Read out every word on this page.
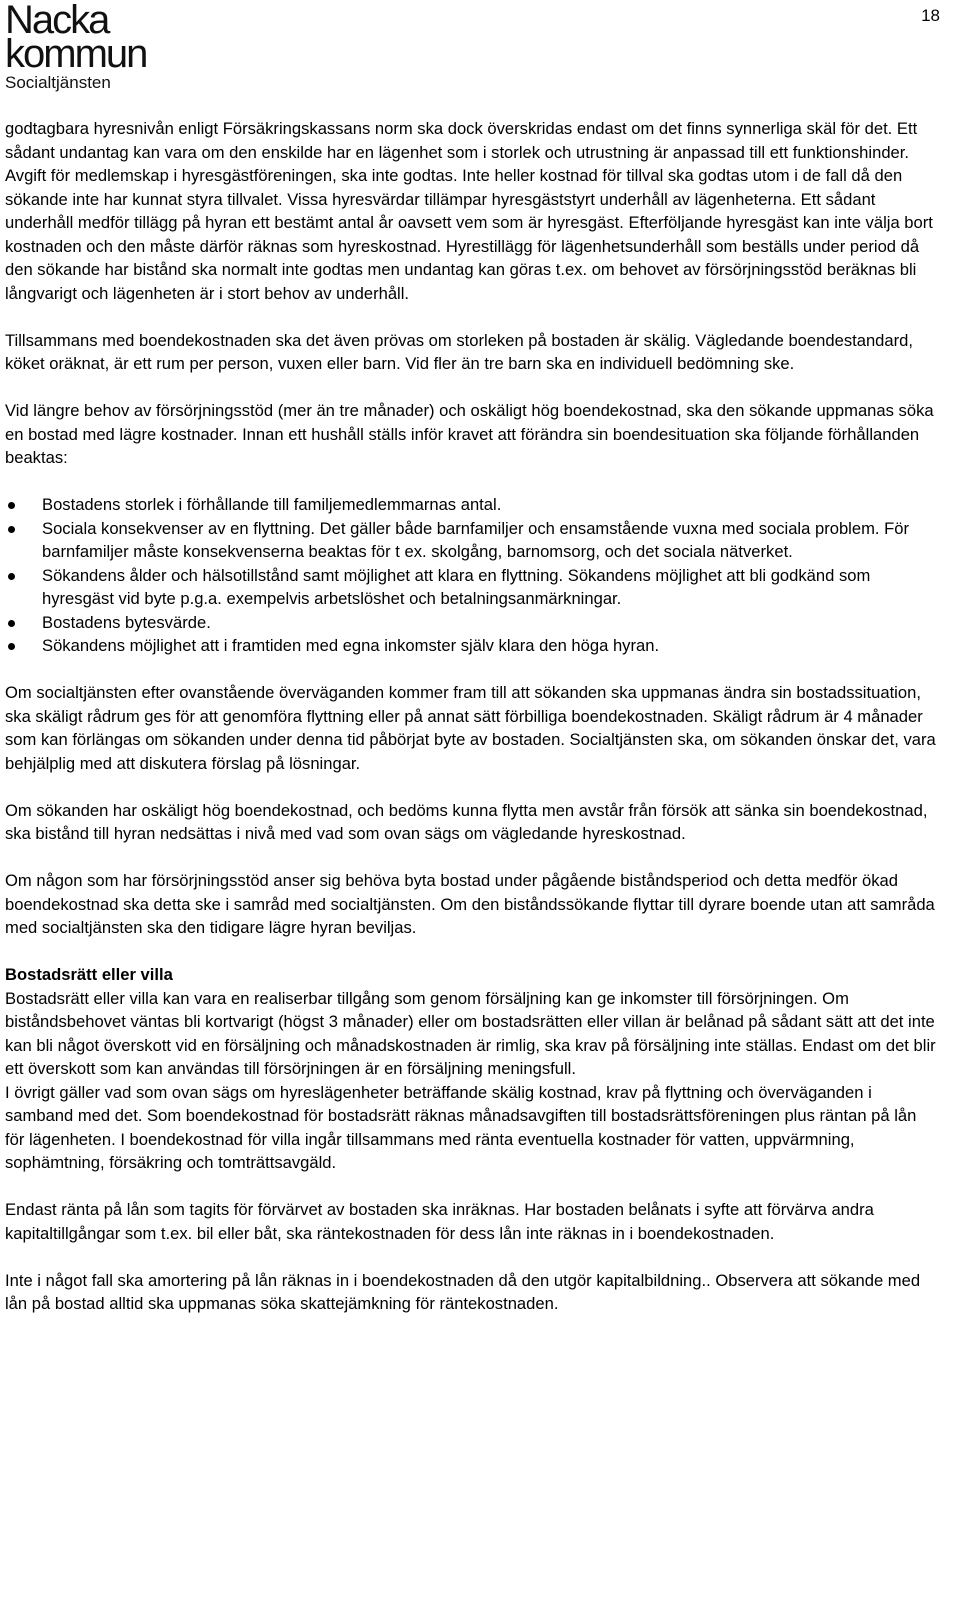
Nacka
kommun
Socialtjänsten
18

godtagbara hyresnivån enligt Försäkringskassans norm ska dock överskridas endast om det finns synnerliga skäl för det. Ett sådant undantag kan vara om den enskilde har en lägenhet som i storlek och utrustning är anpassad till ett funktionshinder. Avgift för medlemskap i hyresgästföreningen, ska inte godtas. Inte heller kostnad för tillval ska godtas utom i de fall då den sökande inte har kunnat styra tillvalet. Vissa hyresvärdar tillämpar hyresgäststyrt underhåll av lägenheterna. Ett sådant underhåll medför tillägg på hyran ett bestämt antal år oavsett vem som är hyresgäst. Efterföljande hyresgäst kan inte välja bort kostnaden och den måste därför räknas som hyreskostnad. Hyrestillägg för lägenhetsunderhåll som beställs under period då den sökande har bistånd ska normalt inte godtas men undantag kan göras t.ex. om behovet av försörjningsstöd beräknas bli långvarigt och lägenheten är i stort behov av underhåll.

Tillsammans med boendekostnaden ska det även prövas om storleken på bostaden är skälig. Vägledande boendestandard, köket oräknat, är ett rum per person, vuxen eller barn. Vid fler än tre barn ska en individuell bedömning ske.

Vid längre behov av försörjningsstöd (mer än tre månader) och oskäligt hög boendekostnad, ska den sökande uppmanas söka en bostad med lägre kostnader. Innan ett hushåll ställs inför kravet att förändra sin boendesituation ska följande förhållanden beaktas:

Bostadens storlek i förhållande till familjemedlemmarnas antal.
Sociala konsekvenser av en flyttning. Det gäller både barnfamiljer och ensamstående vuxna med sociala problem. För barnfamiljer måste konsekvenserna beaktas för t ex. skolgång, barnomsorg, och det sociala nätverket.
Sökandens ålder och hälsotillstånd samt möjlighet att klara en flyttning. Sökandens möjlighet att bli godkänd som hyresgäst vid byte p.g.a. exempelvis arbetslöshet och betalningsanmärkningar.
Bostadens bytesvärde.
Sökandens möjlighet att i framtiden med egna inkomster själv klara den höga hyran.

Om socialtjänsten efter ovanstående överväganden kommer fram till att sökanden ska uppmanas ändra sin bostadssituation, ska skäligt rådrum ges för att genomföra flyttning eller på annat sätt förbilliga boendekostnaden. Skäligt rådrum är 4 månader som kan förlängas om sökanden under denna tid påbörjat byte av bostaden. Socialtjänsten ska, om sökanden önskar det, vara behjälplig med att diskutera förslag på lösningar.

Om sökanden har oskäligt hög boendekostnad, och bedöms kunna flytta men avstår från försök att sänka sin boendekostnad, ska bistånd till hyran nedsättas i nivå med vad som ovan sägs om vägledande hyreskostnad.

Om någon som har försörjningsstöd anser sig behöva byta bostad under pågående biståndsperiod och detta medför ökad boendekostnad ska detta ske i samråd med socialtjänsten. Om den biståndssökande flyttar till dyrare boende utan att samråda med socialtjänsten ska den tidigare lägre hyran beviljas.

Bostadsrätt eller villa

Bostadsrätt eller villa kan vara en realiserbar tillgång som genom försäljning kan ge inkomster till försörjningen. Om biståndsbehovet väntas bli kortvarigt (högst 3 månader) eller om bostadsrätten eller villan är belånad på sådant sätt att det inte kan bli något överskott vid en försäljning och månadskostnaden är rimlig, ska krav på försäljning inte ställas. Endast om det blir ett överskott som kan användas till försörjningen är en försäljning meningsfull.

I övrigt gäller vad som ovan sägs om hyreslägenheter beträffande skälig kostnad, krav på flyttning och överväganden i samband med det. Som boendekostnad för bostadsrätt räknas månadsavgiften till bostadsrättsföreningen plus räntan på lån för lägenheten. I boendekostnad för villa ingår tillsammans med ränta eventuella kostnader för vatten, uppvärmning, sophämtning, försäkring och tomträttsavgäld.

Endast ränta på lån som tagits för förvärvet av bostaden ska inräknas. Har bostaden belånats i syfte att förvärva andra kapitaltillgångar som t.ex. bil eller båt, ska räntekostnaden för dess lån inte räknas in i boendekostnaden.

Inte i något fall ska amortering på lån räknas in i boendekostnaden då den utgör kapitalbildning.. Observera att sökande med lån på bostad alltid ska uppmanas söka skattejämkning för räntekostnaden.
